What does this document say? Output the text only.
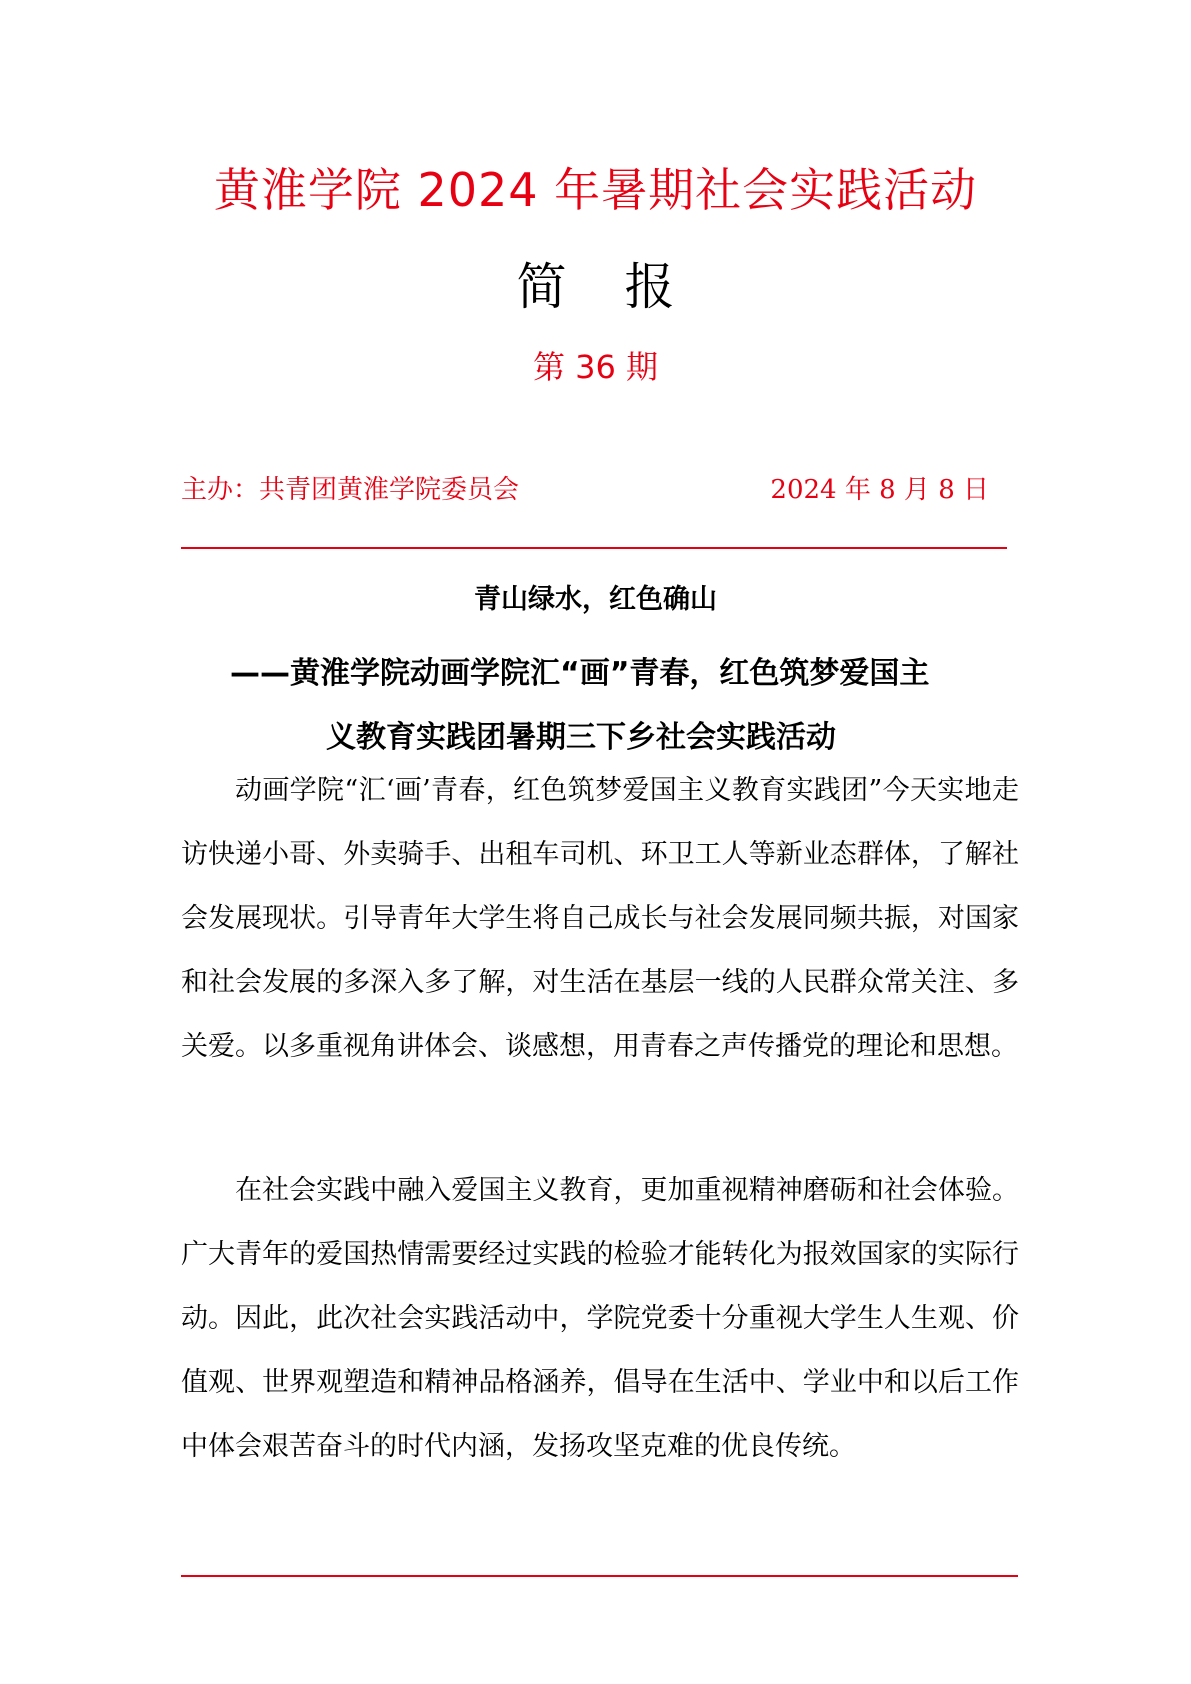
黄淮学院 2024 年暑期社会实践活动
简 报
第 36 期
主办：共青团黄淮学院委员会	2024 年 8 月 8 日
青山绿水，红色确山
——黄淮学院动画学院汇“画”青春，红色筑梦爱国主
义教育实践团暑期三下乡社会实践活动

动画学院“汇‘画’青春，红色筑梦爱国主义教育实践团”今天实地走访快递小哥、外卖骑手、出租车司机、环卫工人等新业态群体，了解社会发展现状。引导青年大学生将自己成长与社会发展同频共振，对国家和社会发展的多深入多了解，对生活在基层一线的人民群众常关注、多关爱。以多重视角讲体会、谈感想，用青春之声传播党的理论和思想。

在社会实践中融入爱国主义教育，更加重视精神磨砺和社会体验。广大青年的爱国热情需要经过实践的检验才能转化为报效国家的实际行动。因此，此次社会实践活动中，学院党委十分重视大学生人生观、价值观、世界观塑造和精神品格涵养，倡导在生活中、学业中和以后工作中体会艰苦奋斗的时代内涵，发扬攻坚克难的优良传统。
